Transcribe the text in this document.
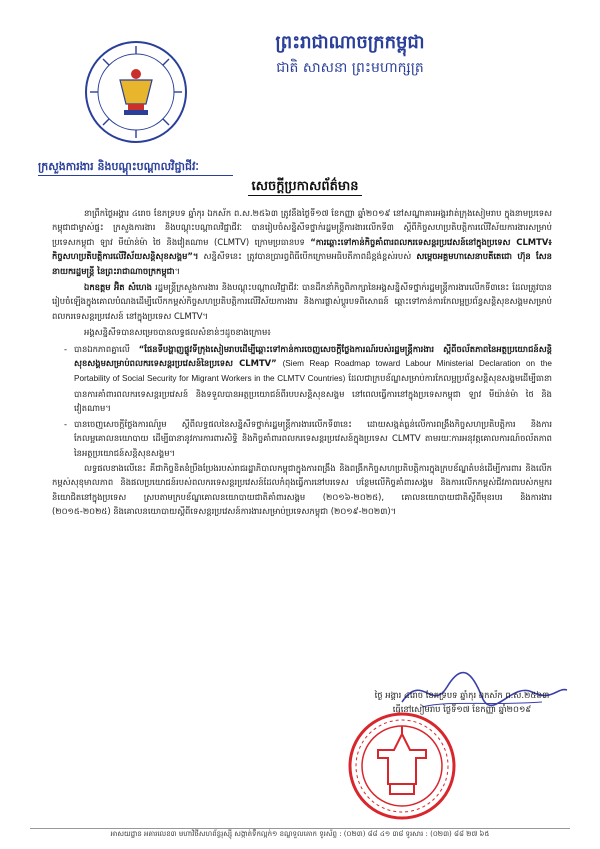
ព្រះរាជាណាចក្រកម្ពុជា
ជាតិ សាសនា ព្រះមហាក្សត្រ
ក្រសួងការងារ និងបណ្តុះបណ្តាលវិជ្ជាជីវៈ
សេចក្តីប្រកាសព័ត៌មាន

នាព្រឹកថ្ងៃអង្គារ ៤រោច ខែភទ្របទ ឆ្នាំកុរ ឯកស័ក ព.ស.២៥៦៣ ត្រូវនឹងថ្ងៃទី១៧ ខែកញ្ញា ឆ្នាំ២០១៩ នៅសណ្ឋាគារអង្គរវាត់ក្រុងសៀមរាប ក្នុងនាមប្រទេសកម្ពុជាជាម្ចាស់ផ្ទះ ក្រសួងការងារ និងបណ្តុះបណ្តាលវិជ្ជាជីវៈ បានរៀបចំសន្និសីទថ្នាក់រដ្ឋមន្ត្រីការងារលើកទី៣ ស្តីពីកិច្ចសហប្រតិបត្តិការលើវិស័យការងារសម្រាប់ប្រទេសកម្ពុជា ឡាវ មីយ៉ាន់ម៉ា ថៃ និងវៀតណាម (CLMTV) ក្រោមប្រធានបទ “ការឆ្ពោះទៅកាន់កិច្ចគាំពារពលករទេសន្តរប្រវេសន៍នៅក្នុងប្រទេស CLMTV៖ កិច្ចសហប្រតិបត្តិការលើវិស័យសន្តិសុខសង្គម”។ សន្និសីទនេះ ត្រូវបានប្រារព្ធពិធីបើកក្រោមអធិបតីភាពដ៏ខ្ពង់ខ្ពស់របស់ សម្តេចអគ្គមហាសេនាបតីតេជោ ហ៊ុន សែន នាយករដ្ឋមន្ត្រី នៃព្រះរាជាណាចក្រកម្ពុជា។

ឯកឧត្តម អ៊ិត សំហេង រដ្ឋមន្ត្រីក្រសួងការងារ និងបណ្តុះបណ្តាលវិជ្ជាជីវៈ បានដឹកនាំកិច្ចពិភាក្សានៃអង្គសន្និសីទថ្នាក់រដ្ឋមន្ត្រីការងារលើកទី៣នេះ ដែលត្រូវបានរៀបចំឡើងក្នុងគោលបំណងដើម្បីលើកកម្ពស់កិច្ចសហប្រតិបត្តិការលើវិស័យការងារ និងការផ្លាស់ប្តូរបទពិសោធន៍ ឆ្ពោះទៅកាន់ការកែលម្អប្រព័ន្ធសន្តិសុខសង្គមសម្រាប់ពលករទេសន្តរប្រវេសន៍ នៅក្នុងប្រទេស CLMTV។

អង្គសន្និសីទបានសម្រេចបានលទ្ធផលសំខាន់ៗដូចខាងក្រោម៖

- បានឯកភាពគ្នាលើ “ផែនទីបង្ហាញផ្លូវទីក្រុងសៀមរាបដើម្បីឆ្ពោះទៅកាន់ការចេញសេចក្តីថ្លែងការណ៍របស់រដ្ឋមន្ត្រីការងារ ស្តីពីចល័តភាពនៃអត្ថប្រយោជន៍សន្តិសុខសង្គមសម្រាប់ពលករទេសន្តរប្រវេសន៍នៃប្រទេស CLMTV” (Siem Reap Roadmap toward Labour Ministerial Declaration on the Portability of Social Security for Migrant Workers in the CLMTV Countries) ដែលជាក្របខ័ណ្ឌសម្រាប់ការកែលម្អប្រព័ន្ធសន្តិសុខសង្គមដើម្បីធានាបានការគាំពារពលករទេសន្តរប្រវេសន៍ និងទទួលបានអត្ថប្រយោជន៍ពីរបបសន្តិសុខសង្គម នៅពេលធ្វើការនៅក្នុងប្រទេសកម្ពុជា ឡាវ មីយ៉ាន់ម៉ា ថៃ និង វៀតណាម។
- បានចេញសេចក្តីថ្លែងការណ៍រួម ស្តីពីលទ្ធផលនៃសន្និសីទថ្នាក់រដ្ឋមន្ត្រីការងារលើកទី៣នេះ ដោយសង្កត់ធ្ងន់លើការពង្រឹងកិច្ចសហប្រតិបត្តិការ និងការកែលម្អគោលនយោបាយ ដើម្បីធានានូវការការពារសិទ្ធិ និងកិច្ចគាំពារពលករទេសន្តរប្រវេសន៍ក្នុងប្រទេស CLMTV តាមរយៈការអនុវត្តគោលការណ៍ចល័តភាពនៃអត្ថប្រយោជន៍សន្តិសុខសង្គម។

លទ្ធផលខាងលើនេះ គឺជាកិច្ចខិតខំប្រឹងប្រែងរបស់រាជរដ្ឋាភិបាលកម្ពុជាក្នុងការពង្រឹង និងពង្រីកកិច្ចសហប្រតិបត្តិការក្នុងក្របខ័ណ្ឌតំបន់ដើម្បីការពារ និងលើកកម្ពស់សុខុមាលភាព និងផលប្រយោជន៍របស់ពលករទេសន្តរប្រវេសន៍ដែលកំពុងធ្វើការនៅបរទេស បន្ថែមលើកិច្ចគាំពារសង្គម និងការលើកកម្ពស់ជីវភាពរបស់កម្មករនិយោជិតនៅក្នុងប្រទេស ស្របតាមក្របខ័ណ្ឌគោលនយោបាយជាតិគាំពារសង្គម (២០១៦-២០២៥), គោលនយោបាយជាតិស្តីពីមុខរបរ និងការងារ (២០១៥-២០២៥) និងគោលនយោបាយស្តីពីទេសន្តរប្រវេសន៍ការងារសម្រាប់ប្រទេសកម្ពុជា (២០១៩-២០២៣)។

ថ្ងៃ អង្គារ ៤រោច ខែភទ្របទ ឆ្នាំកុរ ឯកស័ក ព.ស.២៥៦៣
ធ្វើនៅសៀមរាប ថ្ងៃទី១៧ ខែកញ្ញា ឆ្នាំ២០១៩
អាសយដ្ឋាន អគារលេខ៣ មហាវិថីសហព័ន្ធរុស្ស៊ី សង្កាត់ទឹកល្អក់១ ខណ្ឌទួលគោក ទូរស័ព្ទ : (០២៣) ៨៨ ៤១ ៣៨ ទូរសារ : (០២៣) ៨៨ ២៧ ៦៥
